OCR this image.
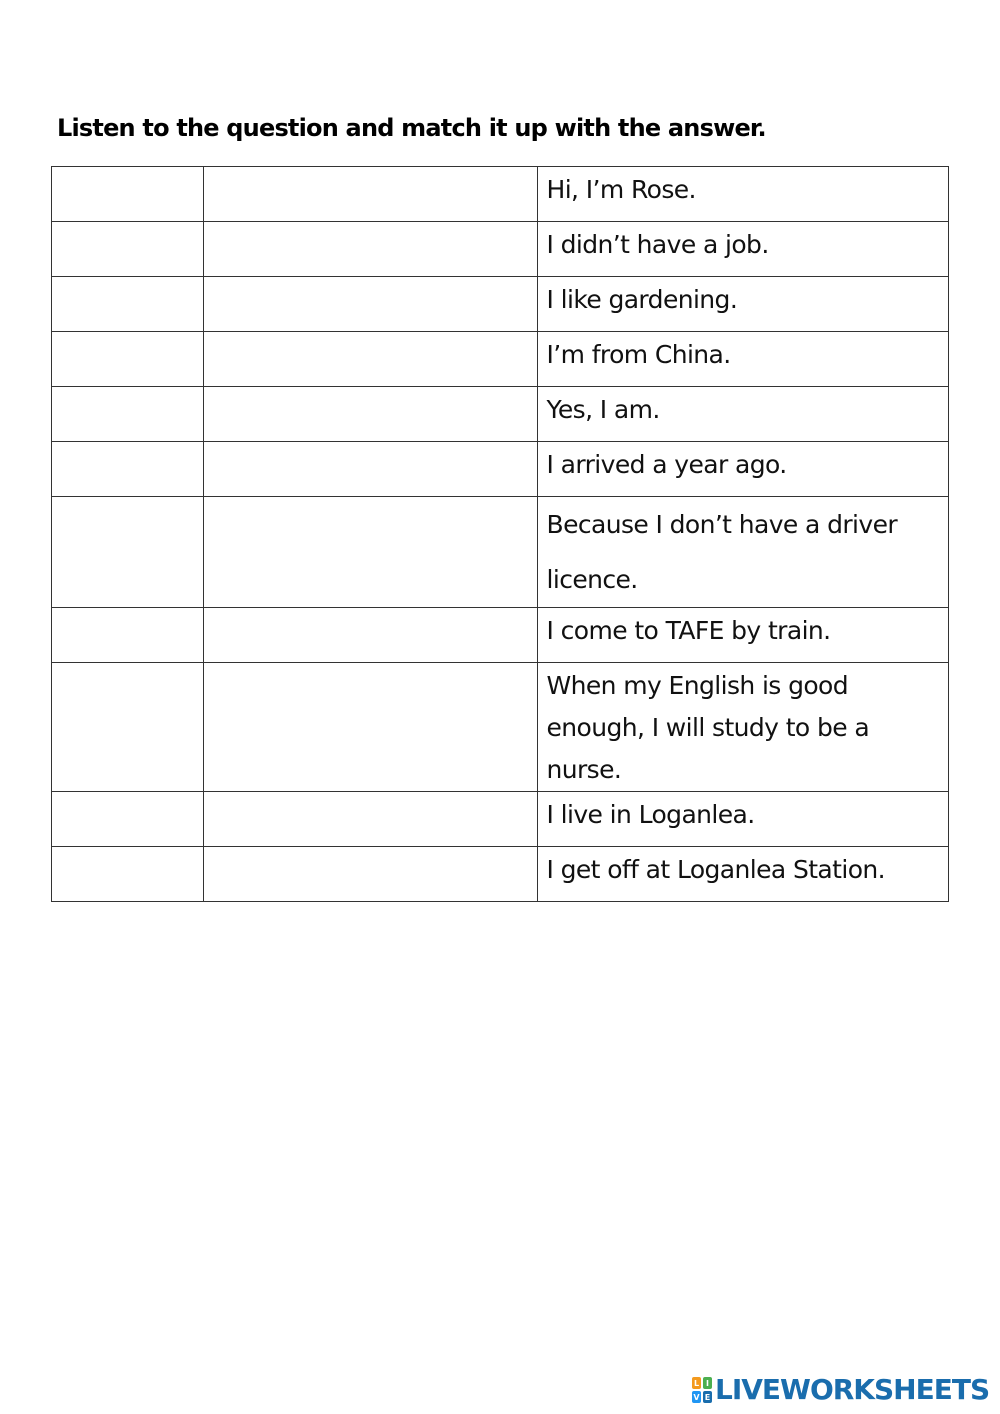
Listen to the question and match it up with the answer.
		Hi, I’m Rose.
		I didn’t have a job.
		I like gardening.
		I’m from China.
		Yes, I am.
		I arrived a year ago.
		Because I don’t have a driver licence.
		I come to TAFE by train.
		When my English is good enough, I will study to be a nurse.
		I live in Loganlea.
		I get off at Loganlea Station.
L I
V E LIVEWORKSHEETS
